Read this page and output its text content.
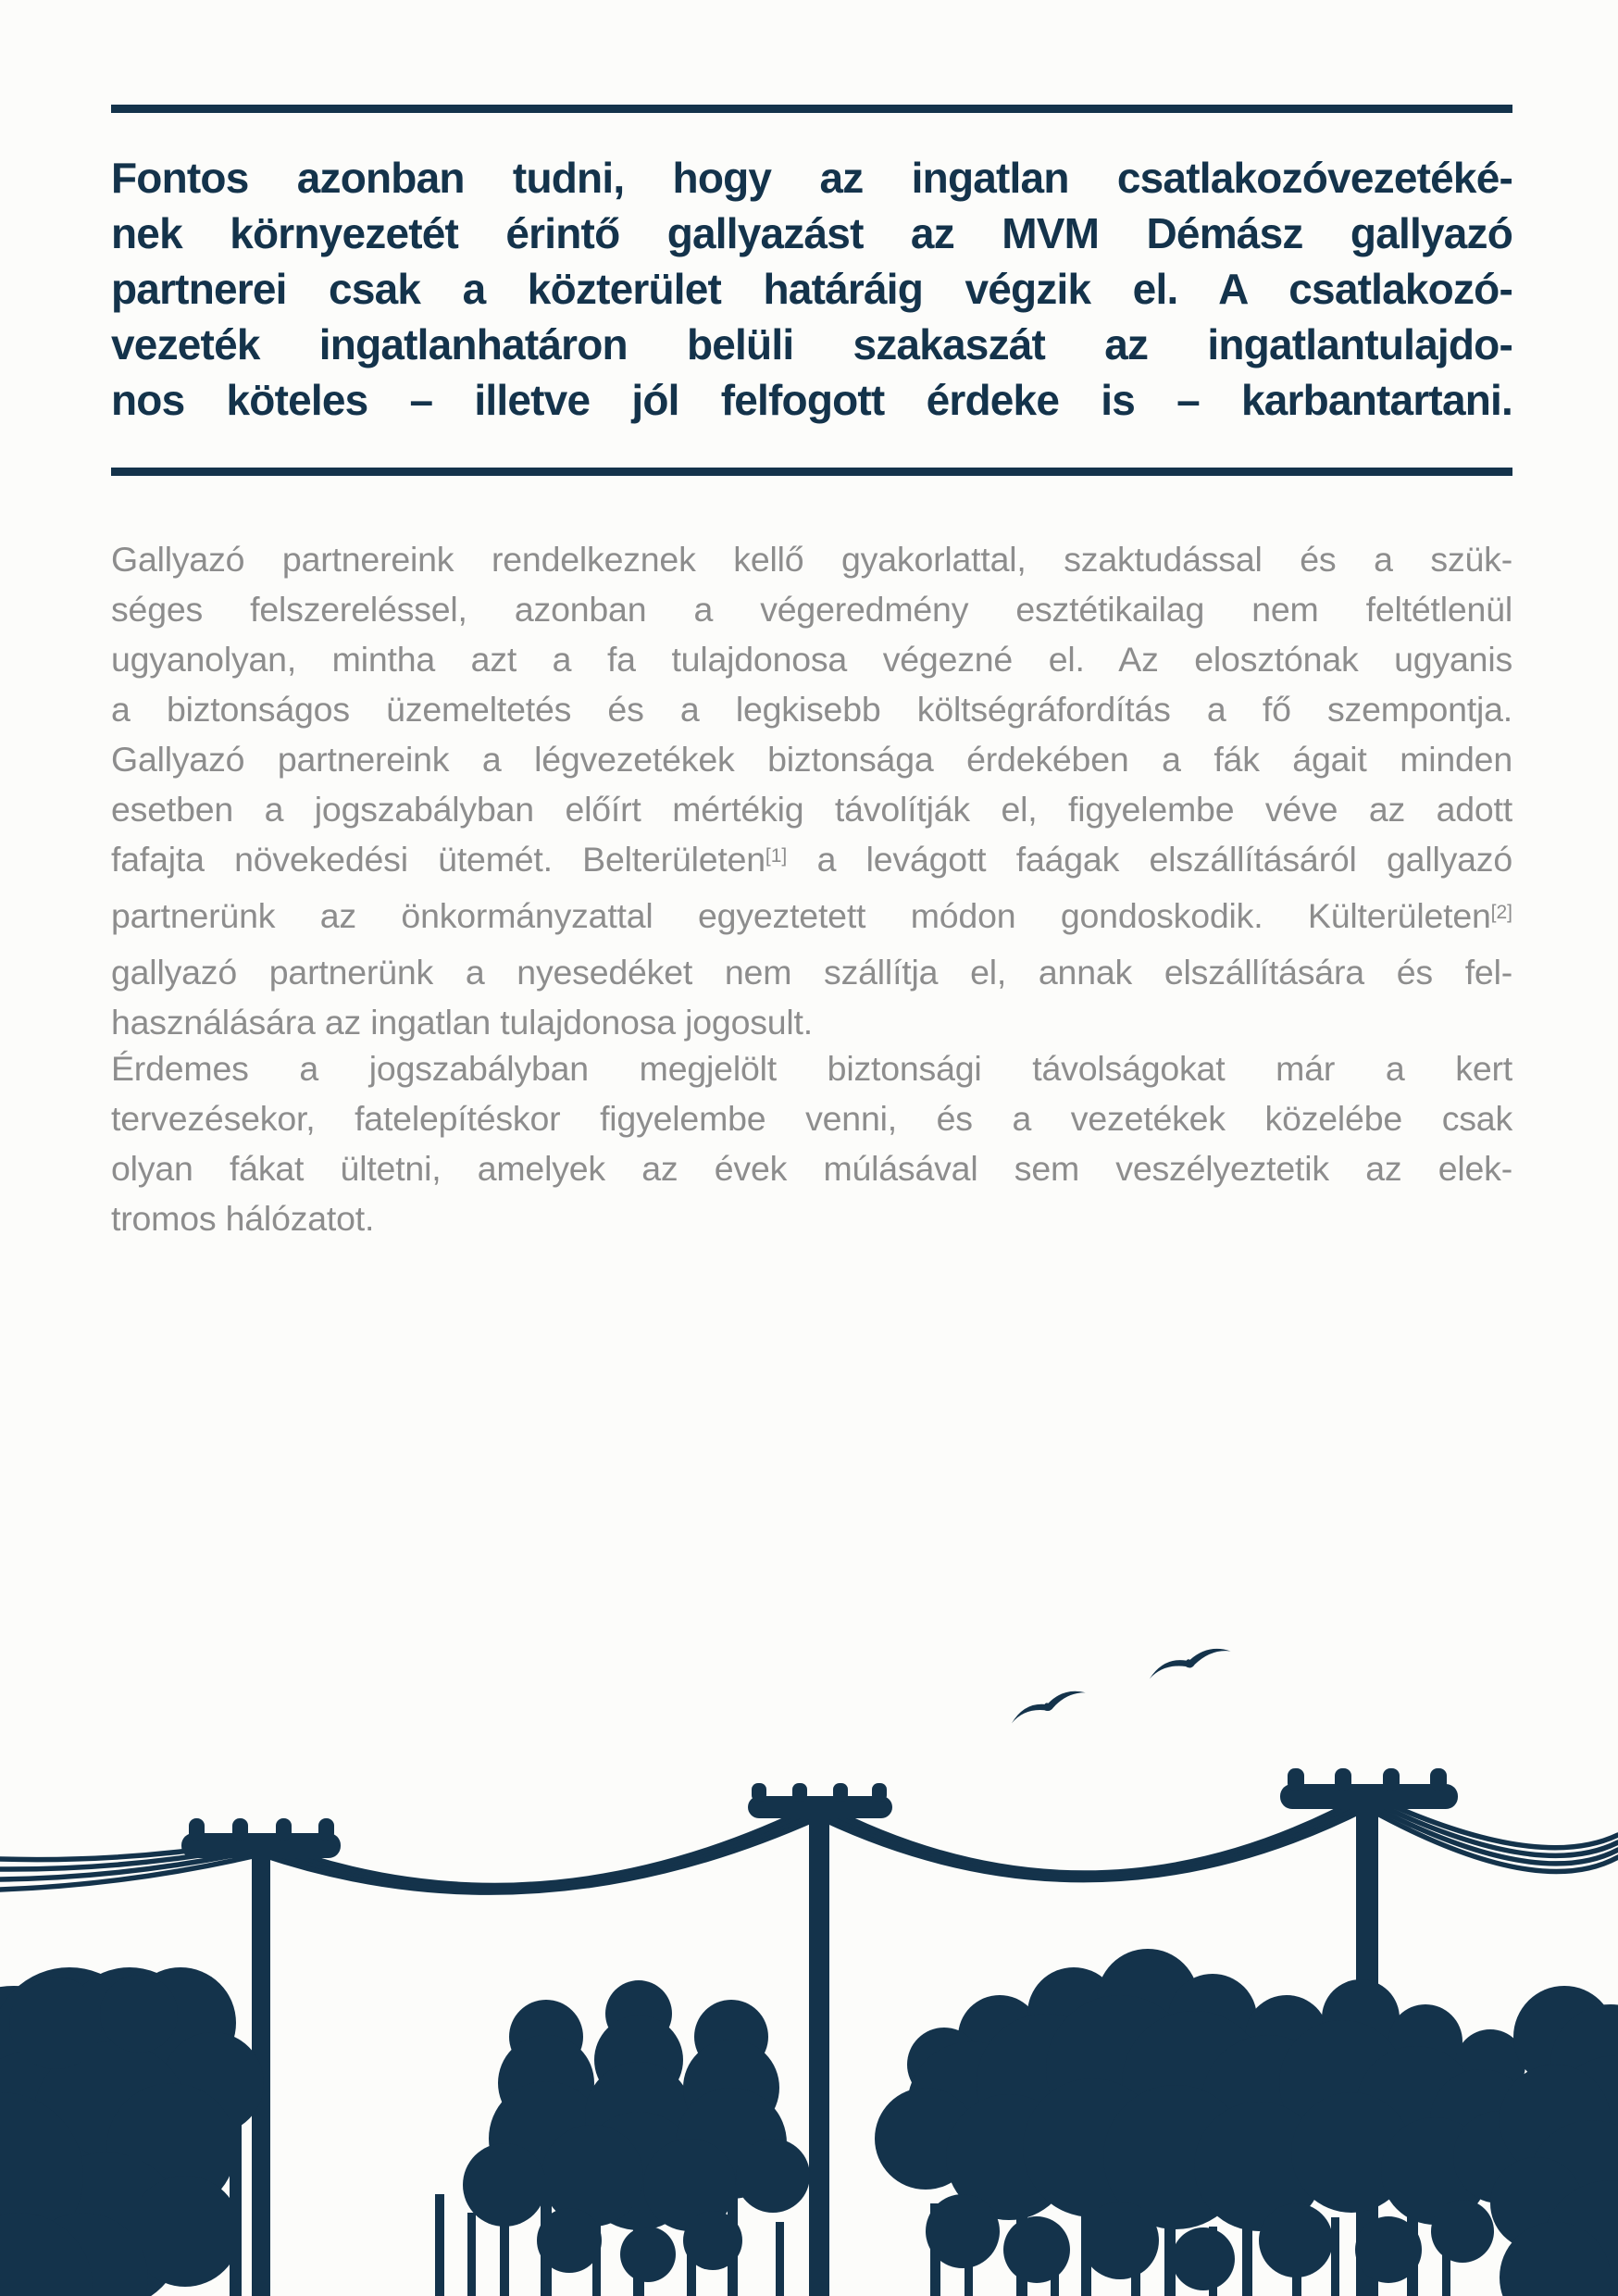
Fontos azonban tudni, hogy az ingatlan csatlakozóvezetéké-
nek környezetét érintő gallyazást az MVM Démász gallyazó
partnerei csak a közterület határáig végzik el. A csatlakozó-
vezeték ingatlanhatáron belüli szakaszát az ingatlantulajdo-
nos köteles – illetve jól felfogott érdeke is – karbantartani.
Gallyazó partnereink rendelkeznek kellő gyakorlattal, szaktudással és a szük-
séges felszereléssel, azonban a végeredmény esztétikailag nem feltétlenül
ugyanolyan, mintha azt a fa tulajdonosa végezné el. Az elosztónak ugyanis
a biztonságos üzemeltetés és a legkisebb költségráfordítás a fő szempontja.
Gallyazó partnereink a légvezetékek biztonsága érdekében a fák ágait minden
esetben a jogszabályban előírt mértékig távolítják el, figyelembe véve az adott
fafajta növekedési ütemét. Belterületen[1] a levágott faágak elszállításáról gallyazó
partnerünk az önkormányzattal egyeztetett módon gondoskodik. Külterületen[2]
gallyazó partnerünk a nyesedéket nem szállítja el, annak elszállítására és fel-
használására az ingatlan tulajdonosa jogosult.
Érdemes a jogszabályban megjelölt biztonsági távolságokat már a kert
tervezésekor, fatelepítéskor figyelembe venni, és a vezetékek közelébe csak
olyan fákat ültetni, amelyek az évek múlásával sem veszélyeztetik az elek-
tromos hálózatot.
